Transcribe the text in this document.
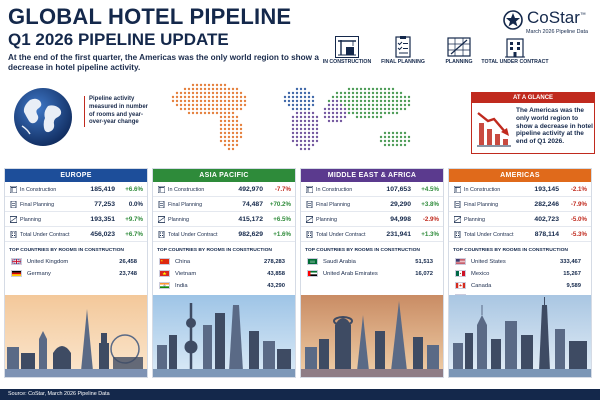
GLOBAL HOTEL PIPELINE
Q1 2026 PIPELINE UPDATE
At the end of the first quarter, the Americas was the only world region to show a decrease in hotel pipeline activity.
CoStar™
March 2026 Pipeline Data
IN CONSTRUCTION	FINAL PLANNING	PLANNING	TOTAL UNDER CONTRACT
Pipeline activity measured in number of rooms and year-over-year change
AT A GLANCE
The Americas was the only world region to show a decrease in hotel pipeline activity at the end of Q1 2026.
EUROPE
In Construction	185,419 +6.6%
Final Planning	77,253 0.0%
Planning	193,351 +9.7%
Total Under Contract	456,023 +6.7%
TOP COUNTRIES BY ROOMS IN CONSTRUCTION
United Kingdom	26,458
Germany	23,748
ASIA PACIFIC
In Construction	492,970 -7.7%
Final Planning	74,487 +70.2%
Planning	415,172 +6.5%
Total Under Contract	982,629 +1.6%
TOP COUNTRIES BY ROOMS IN CONSTRUCTION
China	278,283
Vietnam	43,858
India	43,290
MIDDLE EAST & AFRICA
In Construction	107,653 +4.5%
Final Planning	29,290 +3.8%
Planning	94,998 -2.9%
Total Under Contract	231,941 +1.3%
TOP COUNTRIES BY ROOMS IN CONSTRUCTION
Saudi Arabia	51,513
United Arab Emirates	16,072
AMERICAS
In Construction	193,145 -2.1%
Final Planning	282,246 -7.9%
Planning	402,723 -5.0%
Total Under Contract	878,114 -5.3%
TOP COUNTRIES BY ROOMS IN CONSTRUCTION
United States	333,467
Mexico	15,267
Canada	9,589
Source: CoStar, March 2026 Pipeline Data
